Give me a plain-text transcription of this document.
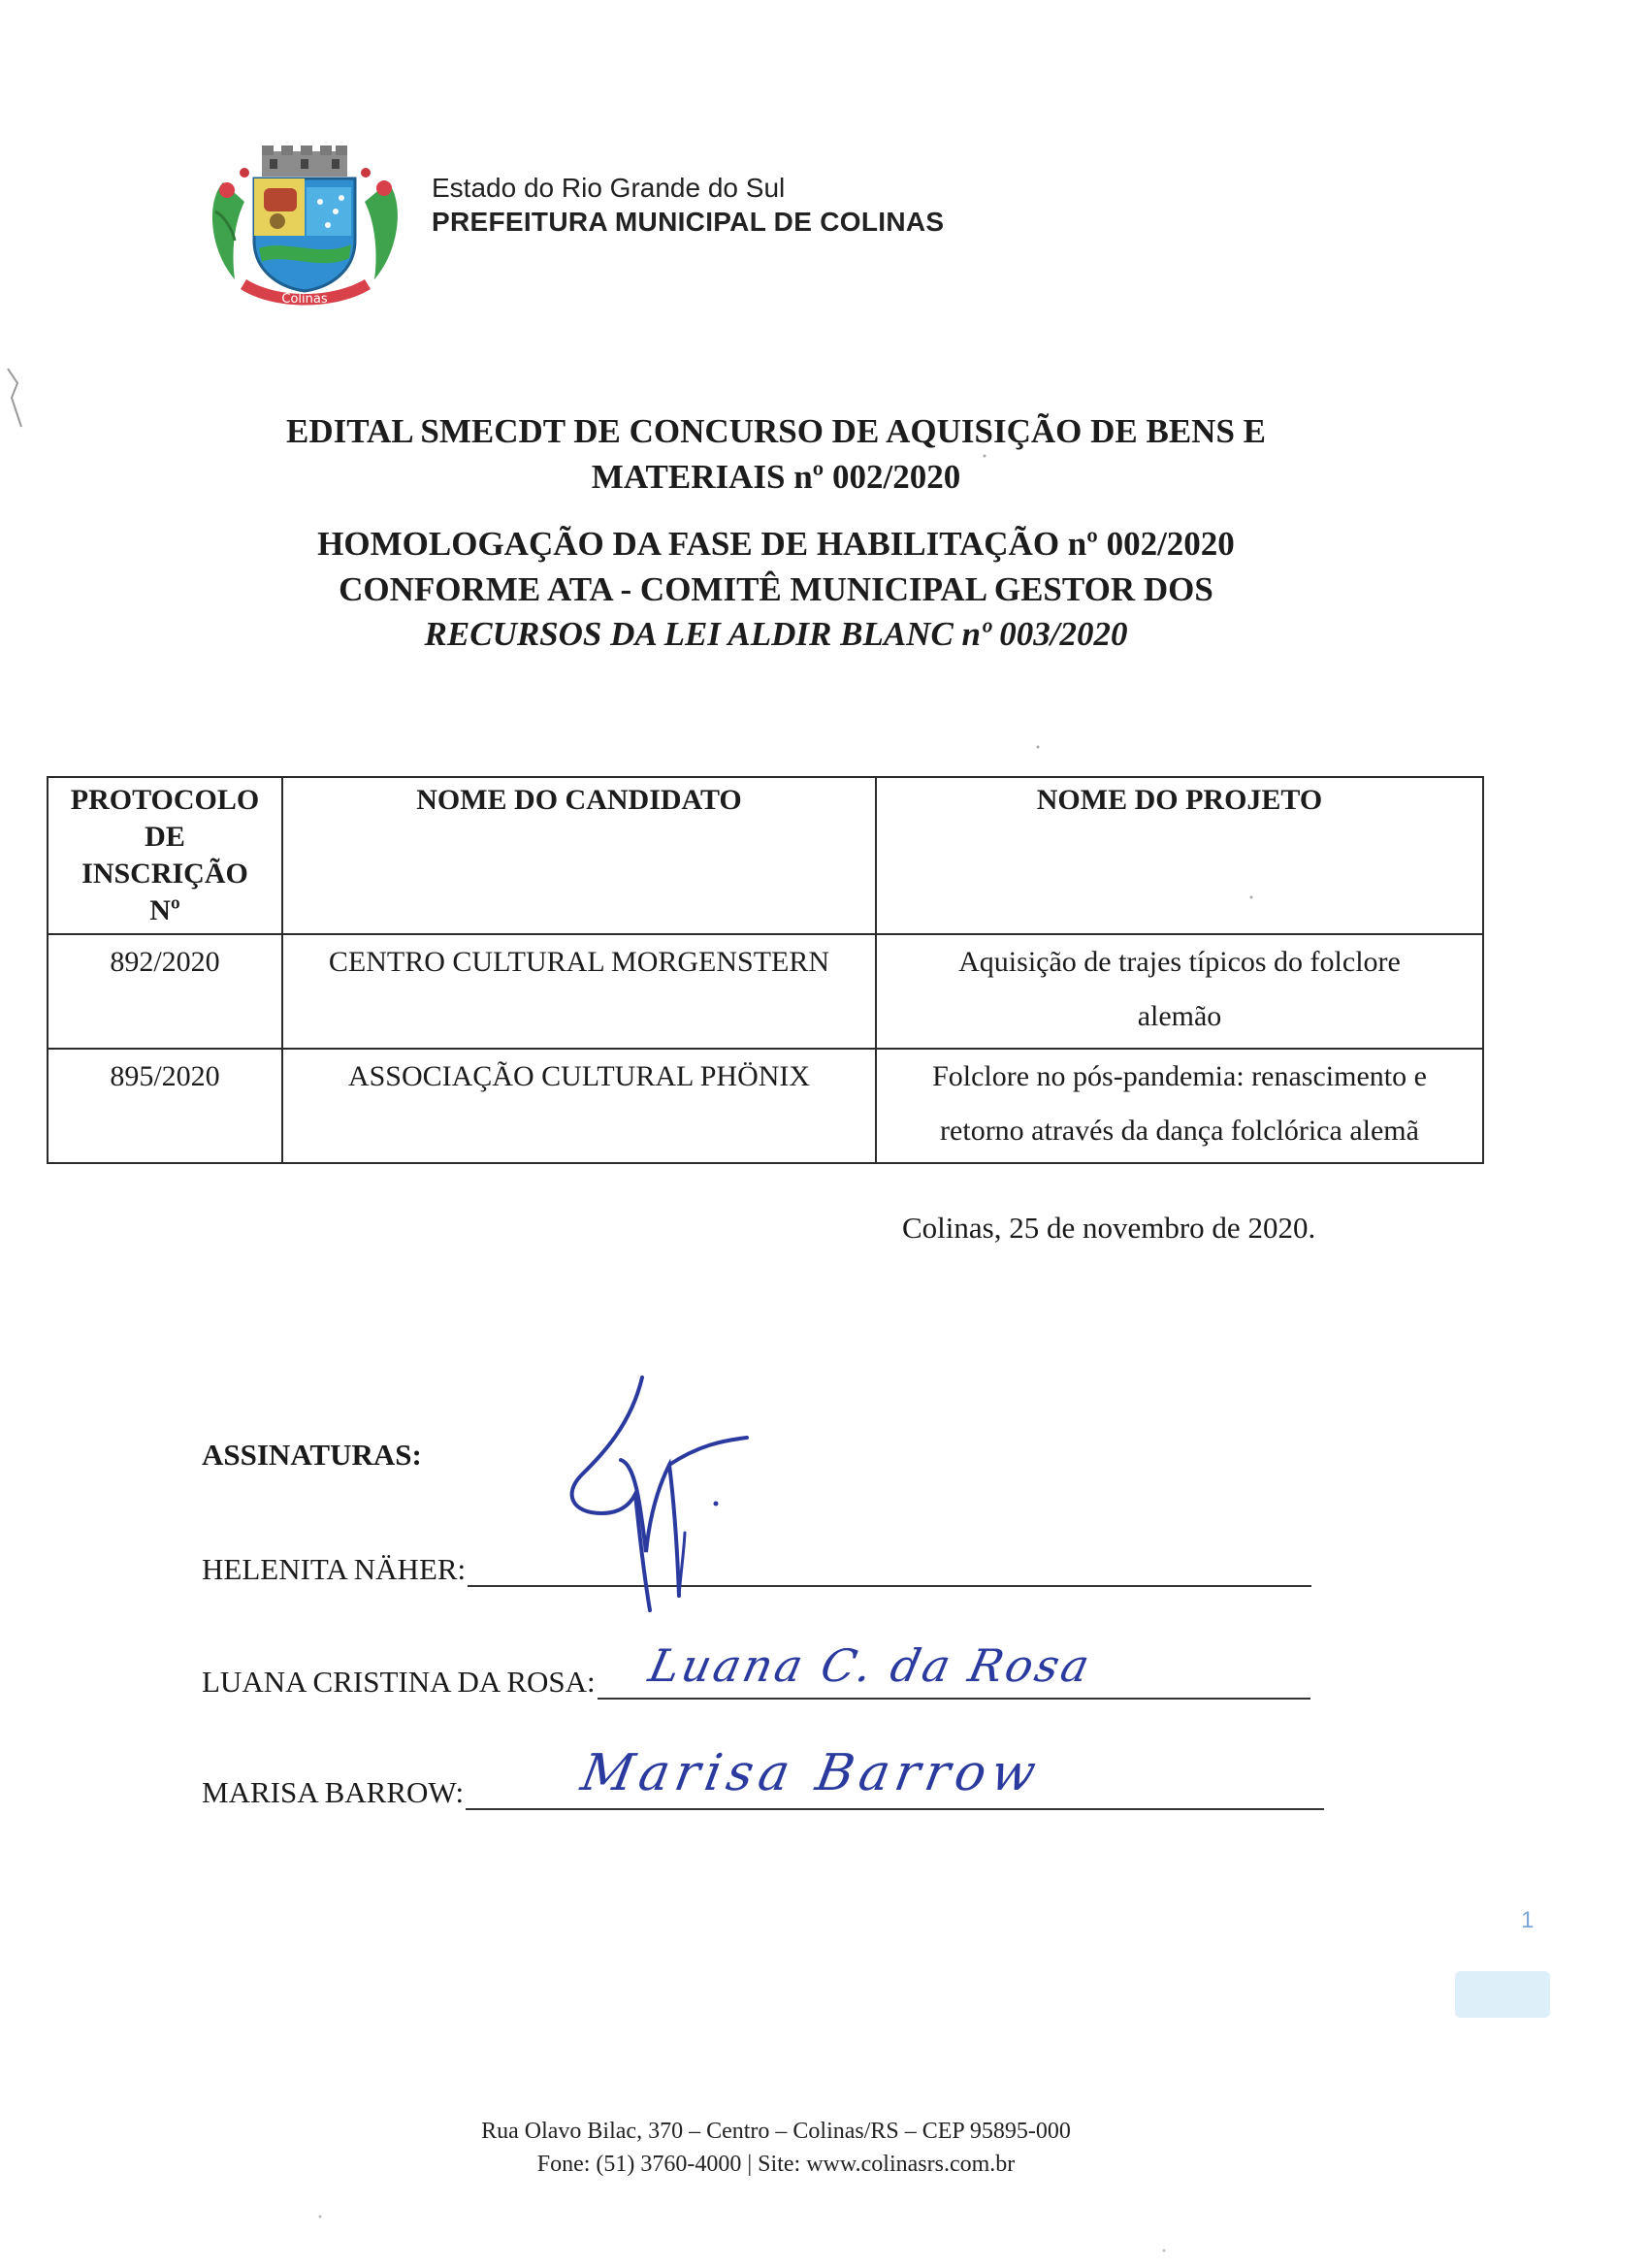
Colinas
Estado do Rio Grande do Sul
PREFEITURA MUNICIPAL DE COLINAS
EDITAL SMECDT DE CONCURSO DE AQUISIÇÃO DE BENS E
MATERIAIS nº 002/2020
HOMOLOGAÇÃO DA FASE DE HABILITAÇÃO nº 002/2020
CONFORME ATA - COMITÊ MUNICIPAL GESTOR DOS
RECURSOS DA LEI ALDIR BLANC nº 003/2020
PROTOCOLO
DE
INSCRIÇÃO
Nº	NOME DO CANDIDATO	NOME DO PROJETO
892/2020	CENTRO CULTURAL MORGENSTERN	Aquisição de trajes típicos do folclore
alemão

895/2020	ASSOCIAÇÃO CULTURAL PHÖNIX	Folclore no pós-pandemia: renascimento e
retorno através da dança folclórica alemã
Colinas, 25 de novembro de 2020.
ASSINATURAS:
HELENITA NÄHER:
LUANA CRISTINA DA ROSA:
MARISA BARROW:
Luana C. da Rosa
Marisa Barrow
1
Rua Olavo Bilac, 370 – Centro – Colinas/RS – CEP 95895-000
Fone: (51) 3760-4000 | Site: www.colinasrs.com.br
